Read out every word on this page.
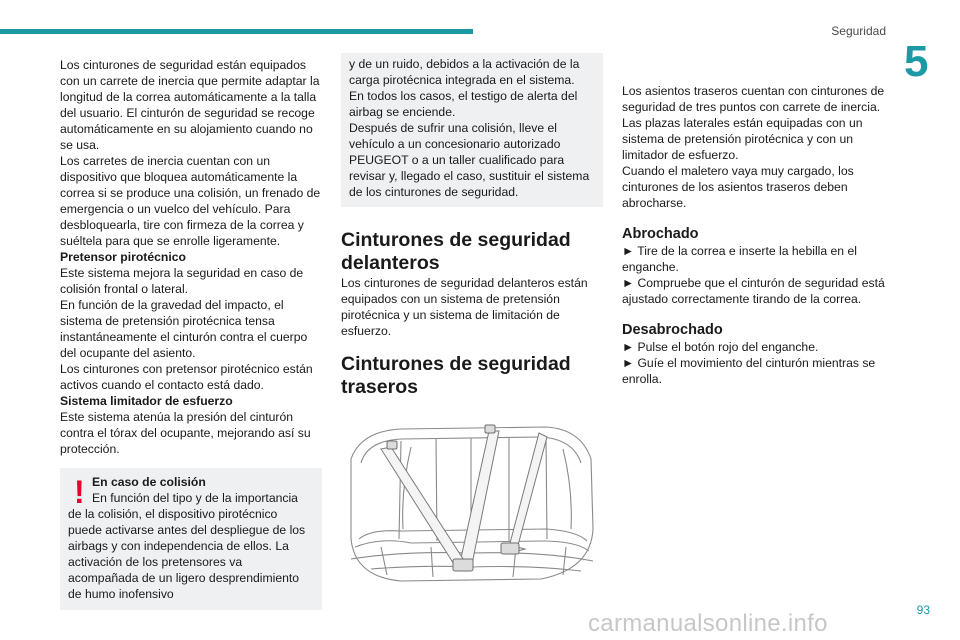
Seguridad
5

Los cinturones de seguridad están equipados con un carrete de inercia que permite adaptar la longitud de la correa automáticamente a la talla del usuario. El cinturón de seguridad se recoge automáticamente en su alojamiento cuando no se usa.

Los carretes de inercia cuentan con un dispositivo que bloquea automáticamente la correa si se produce una colisión, un frenado de emergencia o un vuelco del vehículo. Para desbloquearla, tire con firmeza de la correa y suéltela para que se enrolle ligeramente.

Pretensor pirotécnico

Este sistema mejora la seguridad en caso de colisión frontal o lateral.

En función de la gravedad del impacto, el sistema de pretensión pirotécnica tensa instantáneamente el cinturón contra el cuerpo del ocupante del asiento.

Los cinturones con pretensor pirotécnico están activos cuando el contacto está dado.

Sistema limitador de esfuerzo

Este sistema atenúa la presión del cinturón contra el tórax del ocupante, mejorando así su protección.

! En caso de colisión

En función del tipo y de la importancia

de la colisión, el dispositivo pirotécnico puede activarse antes del despliegue de los airbags y con independencia de ellos. La activación de los pretensores va acompañada de un ligero desprendimiento de humo inofensivo

y de un ruido, debidos a la activación de la carga pirotécnica integrada en el sistema.

En todos los casos, el testigo de alerta del airbag se enciende.

Después de sufrir una colisión, lleve el vehículo a un concesionario autorizado PEUGEOT o a un taller cualificado para revisar y, llegado el caso, sustituir el sistema de los cinturones de seguridad.

Cinturones de seguridad delanteros

Los cinturones de seguridad delanteros están equipados con un sistema de pretensión pirotécnica y un sistema de limitación de esfuerzo.

Cinturones de seguridad traseros

Los asientos traseros cuentan con cinturones de seguridad de tres puntos con carrete de inercia.

Las plazas laterales están equipadas con un sistema de pretensión pirotécnica y con un limitador de esfuerzo.

Cuando el maletero vaya muy cargado, los cinturones de los asientos traseros deben abrocharse.

Abrochado

► Tire de la correa e inserte la hebilla en el enganche.

► Compruebe que el cinturón de seguridad está ajustado correctamente tirando de la correa.

Desabrochado

► Pulse el botón rojo del enganche.

► Guíe el movimiento del cinturón mientras se enrolla.

93
carmanualsonline.info
